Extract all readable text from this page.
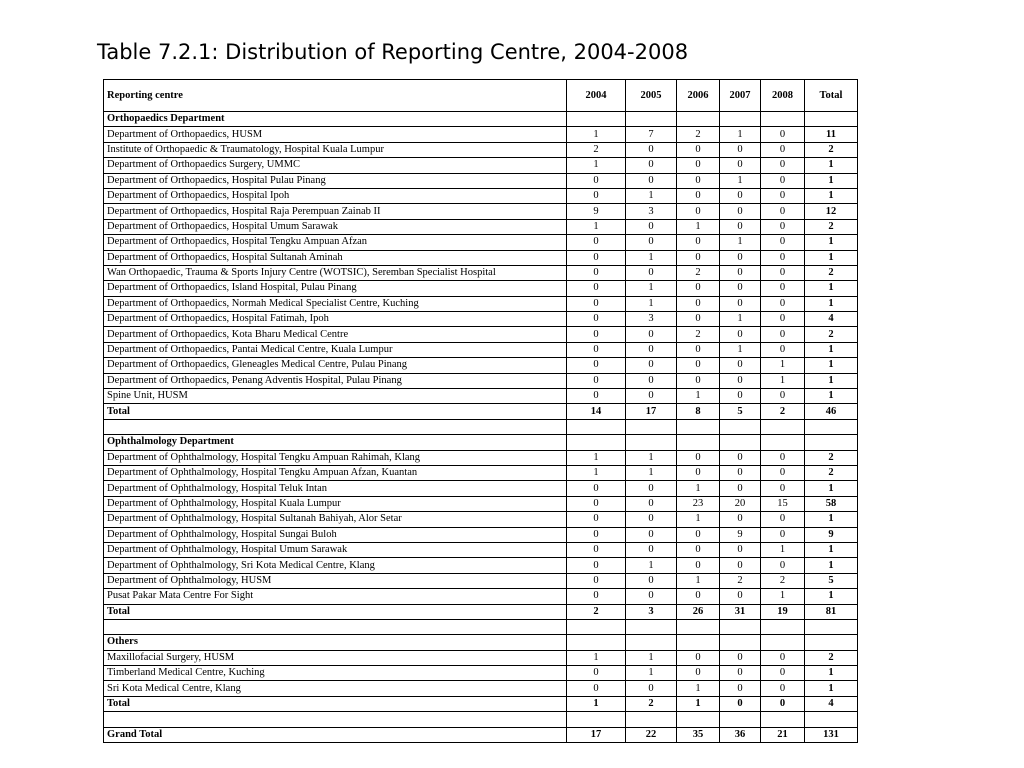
Table 7.2.1: Distribution of Reporting Centre, 2004-2008
Reporting centre	2004	2005	2006	2007	2008	Total
Orthopaedics Department						
Department of Orthopaedics, HUSM	1	7	2	1	0	11
Institute of Orthopaedic & Traumatology, Hospital Kuala Lumpur	2	0	0	0	0	2
Department of Orthopaedics Surgery, UMMC	1	0	0	0	0	1
Department of Orthopaedics, Hospital Pulau Pinang	0	0	0	1	0	1
Department of Orthopaedics, Hospital Ipoh	0	1	0	0	0	1
Department of Orthopaedics, Hospital Raja Perempuan Zainab II	9	3	0	0	0	12
Department of Orthopaedics, Hospital Umum Sarawak	1	0	1	0	0	2
Department of Orthopaedics, Hospital Tengku Ampuan Afzan	0	0	0	1	0	1
Department of Orthopaedics, Hospital Sultanah Aminah	0	1	0	0	0	1
Wan Orthopaedic, Trauma & Sports Injury Centre (WOTSIC), Seremban Specialist Hospital	0	0	2	0	0	2
Department of Orthopaedics, Island Hospital, Pulau Pinang	0	1	0	0	0	1
Department of Orthopaedics, Normah Medical Specialist Centre, Kuching	0	1	0	0	0	1
Department of Orthopaedics, Hospital Fatimah, Ipoh	0	3	0	1	0	4
Department of Orthopaedics, Kota Bharu Medical Centre	0	0	2	0	0	2
Department of Orthopaedics, Pantai Medical Centre, Kuala Lumpur	0	0	0	1	0	1
Department of Orthopaedics, Gleneagles Medical Centre, Pulau Pinang	0	0	0	0	1	1
Department of Orthopaedics, Penang Adventis Hospital, Pulau Pinang	0	0	0	0	1	1
Spine Unit, HUSM	0	0	1	0	0	1
Total	14	17	8	5	2	46

Ophthalmology Department						
Department of Ophthalmology, Hospital Tengku Ampuan Rahimah, Klang	1	1	0	0	0	2
Department of Ophthalmology, Hospital Tengku Ampuan Afzan, Kuantan	1	1	0	0	0	2
Department of Ophthalmology, Hospital Teluk Intan	0	0	1	0	0	1
Department of Ophthalmology, Hospital Kuala Lumpur	0	0	23	20	15	58
Department of Ophthalmology, Hospital Sultanah Bahiyah, Alor Setar	0	0	1	0	0	1
Department of Ophthalmology, Hospital Sungai Buloh	0	0	0	9	0	9
Department of Ophthalmology, Hospital Umum Sarawak	0	0	0	0	1	1
Department of Ophthalmology, Sri Kota Medical Centre, Klang	0	1	0	0	0	1
Department of Ophthalmology, HUSM	0	0	1	2	2	5
Pusat Pakar Mata Centre For Sight	0	0	0	0	1	1
Total	2	3	26	31	19	81

Others						
Maxillofacial Surgery, HUSM	1	1	0	0	0	2
Timberland Medical Centre, Kuching	0	1	0	0	0	1
Sri Kota Medical Centre, Klang	0	0	1	0	0	1
Total	1	2	1	0	0	4

Grand Total	17	22	35	36	21	131
